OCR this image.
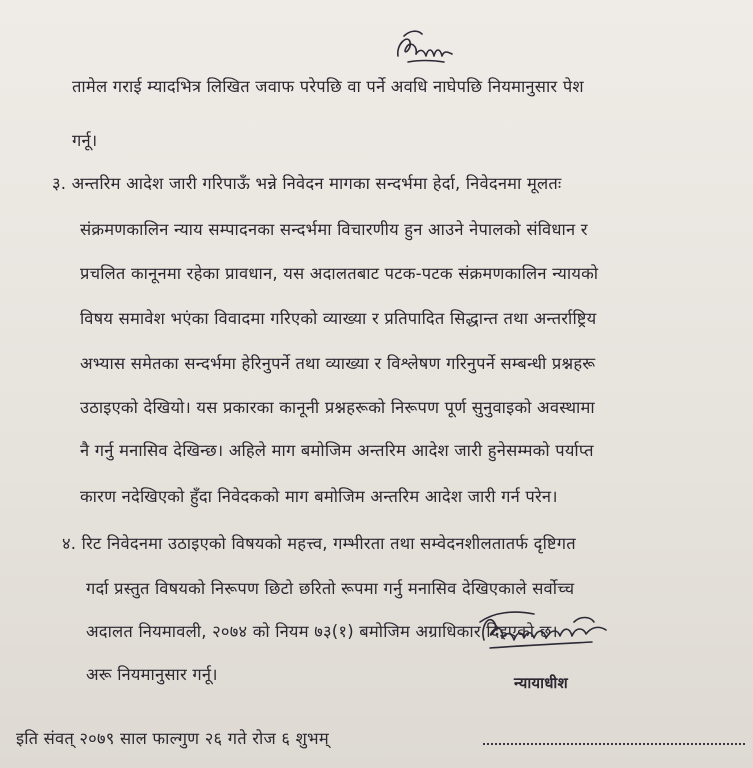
तामेल गराई म्यादभित्र लिखित जवाफ परेपछि वा पर्ने अवधि नाघेपछि नियमानुसार पेश
गर्नू।
३. अन्तरिम आदेश जारी गरिपाऊँ भन्ने निवेदन मागका सन्दर्भमा हेर्दा, निवेदनमा मूलतः
संक्रमणकालिन न्याय सम्पादनका सन्दर्भमा विचारणीय हुन आउने नेपालको संविधान र
प्रचलित कानूनमा रहेका प्रावधान, यस अदालतबाट पटक-पटक संक्रमणकालिन न्यायको
विषय समावेश भएंका विवादमा गरिएको व्याख्या र प्रतिपादित सिद्धान्त तथा अन्तर्राष्ट्रिय
अभ्यास समेतका सन्दर्भमा हेरिनुपर्ने तथा व्याख्या र विश्लेषण गरिनुपर्ने सम्बन्धी प्रश्नहरू
उठाइएको देखियो। यस प्रकारका कानूनी प्रश्नहरूको निरूपण पूर्ण सुनुवाइको अवस्थामा
नै गर्नु मनासिव देखिन्छ। अहिले माग बमोजिम अन्तरिम आदेश जारी हुनेसम्मको पर्याप्त
कारण नदेखिएको हुँदा निवेदकको माग बमोजिम अन्तरिम आदेश जारी गर्न परेन।
४. रिट निवेदनमा उठाइएको विषयको महत्त्व, गम्भीरता तथा सम्वेदनशीलतातर्फ दृष्टिगत
गर्दा प्रस्तुत विषयको निरूपण छिटो छरितो रूपमा गर्नु मनासिव देखिएकाले सर्वोच्च
अदालत नियमावली, २०७४ को नियम ७३(१) बमोजिम अग्राधिकार दिइएको छ।
अरू नियमानुसार गर्नू।	न्यायाधीश
इति संवत् २०७९ साल फाल्गुण २६ गते रोज ६ शुभम्
